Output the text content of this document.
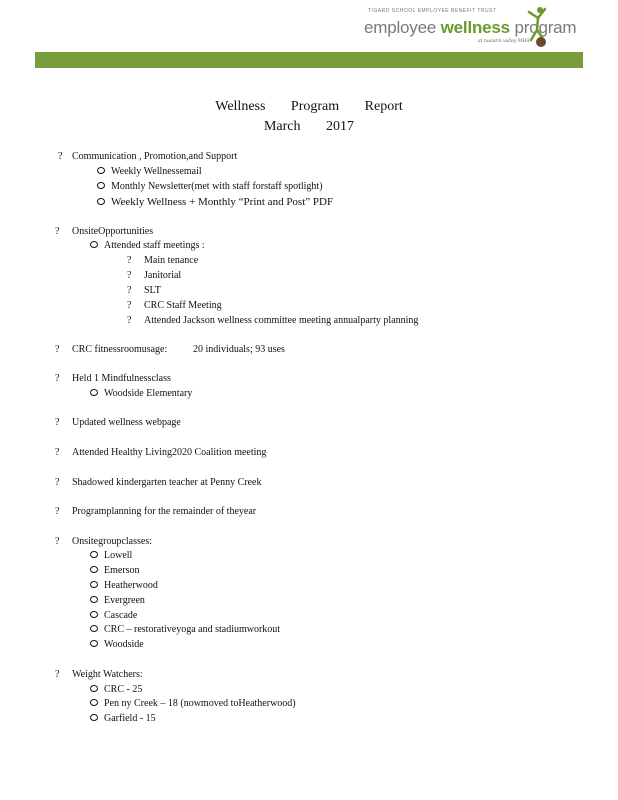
TIGARD SCHOOL EMPLOYEE BENEFIT TRUST
employee wellness program
at tualatin valley MHA
Wellness Program Report
March 2017
? Communication , Promotion,and Support
Weekly Wellnessemail
Monthly Newsletter(met with staff forstaff spotlight)
Weekly Wellness + Monthly “Print and Post” PDF
? OnsiteOpportunities
Attended staff meetings :
? Main tenance
? Janitorial
? SLT
? CRC Staff Meeting
? Attended Jackson wellness committee meeting annualparty planning
? CRC fitnessroomusage:	20 individuals; 93 uses
? Held 1 Mindfulnessclass
Woodside Elementary
? Updated wellness webpage
? Attended Healthy Living2020 Coalition meeting
? Shadowed kindergarten teacher at Penny Creek
? Programplanning for the remainder of theyear
? Onsitegroupclasses:
Lowell
Emerson
Heatherwood
Evergreen
Cascade
CRC – restorativeyoga and stadiumworkout
Woodside
? Weight Watchers:
CRC - 25
Pen ny Creek – 18 (nowmoved toHeatherwood)
Garfield - 15
